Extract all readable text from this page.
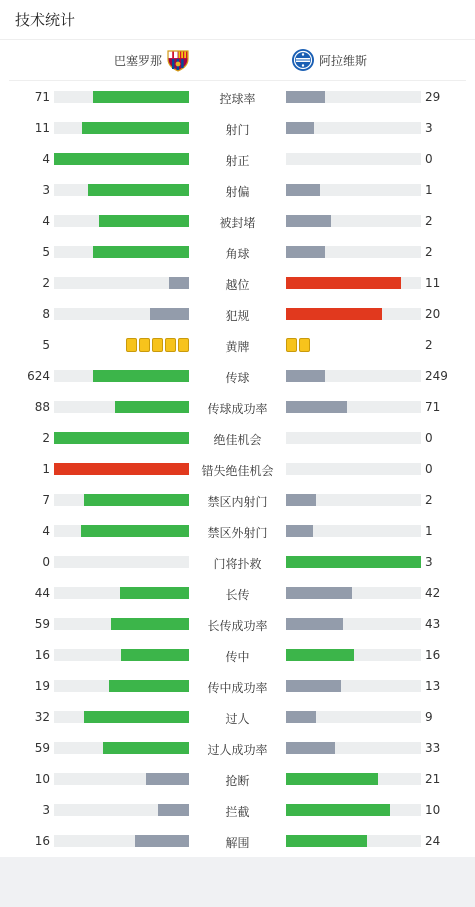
技术统计
巴塞罗那	阿拉维斯
71	控球率	29
11	射门	3
4	射正	0
3	射偏	1
4	被封堵	2
5	角球	2
2	越位	11
8	犯规	20
5	黄牌	2
624	传球	249
88	传球成功率	71
2	绝佳机会	0
1	错失绝佳机会	0
7	禁区内射门	2
4	禁区外射门	1
0	门将扑救	3
44	长传	42
59	长传成功率	43
16	传中	16
19	传中成功率	13
32	过人	9
59	过人成功率	33
10	抢断	21
3	拦截	10
16	解围	24
